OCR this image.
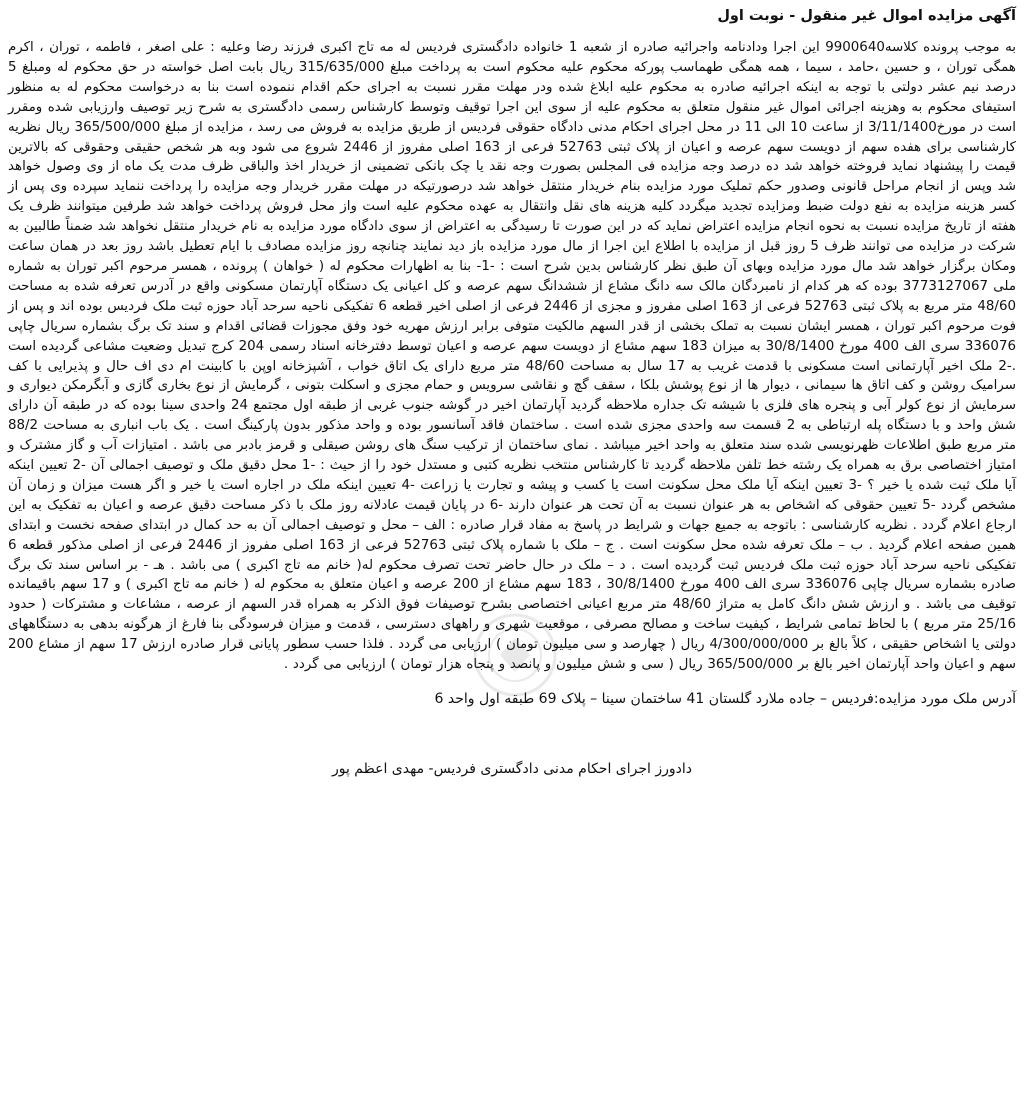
آگهی مزایده اموال غیر منقول - نوبت اول

به موجب پرونده کلاسه9900640 این اجرا ودادنامه واجرائیه صادره از شعبه 1 خانواده دادگستری فردیس له مه تاج اکبری فرزند رضا وعلیه : علی اصغر ، فاطمه ، توران ، اکرم همگی توران ، و حسین ،حامد ، سیما ، همه همگی طهماسب پورکه محکوم علیه محکوم است به پرداخت مبلغ 315/635/000 ریال بابت اصل خواسته در حق محکوم له ومبلغ 5 درصد نیم عشر دولتی با توجه به اینکه اجرائیه صادره به محکوم علیه ابلاغ شده ودر مهلت مقرر نسبت به اجرای حکم اقدام ننموده است بنا به درخواست محکوم له به منظور استیفای محکوم به وهزینه اجرائی اموال غیر منقول متعلق به محکوم علیه از سوی این اجرا توقیف وتوسط کارشناس رسمی دادگستری به شرح زیر توصیف وارزیابی شده ومقرر است در مورخ3/11/1400 از ساعت 10 الی 11 در محل اجرای احکام مدنی دادگاه حقوقی فردیس از طریق مزایده به فروش می رسد ، مزایده از مبلغ 365/500/000 ریال نظریه کارشناسی برای هفده سهم از دویست سهم عرصه و اعیان از پلاک ثبتی 52763 فرعی از 163 اصلی مفروز از 2446 شروع می شود وبه هر شخص حقیقی وحقوقی که بالاترین قیمت را پیشنهاد نماید فروخته خواهد شد ده درصد وجه مزایده فی المجلس بصورت وجه نقد یا چک بانکی تضمینی از خریدار اخذ والباقی ظرف مدت یک ماه از وی وصول خواهد شد وپس از انجام مراحل قانونی وصدور حکم تملیک مورد مزایده بنام خریدار منتقل خواهد شد درصورتیکه در مهلت مقرر خریدار وجه مزایده را پرداخت ننماید سپرده وی پس از کسر هزینه مزایده به نفع دولت ضبط ومزایده تجدید میگردد کلیه هزینه های نقل وانتقال به عهده محکوم علیه است واز محل فروش پرداخت خواهد شد طرفین میتوانند ظرف یک هفته از تاریخ مزایده نسبت به نحوه انجام مزایده اعتراض نماید که در این صورت تا رسیدگی به اعتراض از سوی دادگاه مورد مزایده به نام خریدار منتقل نخواهد شد ضمناً طالبین به شرکت در مزایده می توانند ظرف 5 روز قبل از مزایده با اطلاع این اجرا از مال مورد مزایده باز دید نمایند چنانچه روز مزایده مصادف با ایام تعطیل باشد روز بعد در همان ساعت ومکان برگزار خواهد شد مال مورد مزایده وبهای آن طبق نظر کارشناس بدین شرح است : -1- بنا به اظهارات محکوم له ( خواهان ) پرونده ، همسر مرحوم اکبر توران به شماره ملی 3773127067 بوده که هر کدام از نامبردگان مالک سه دانگ مشاع از ششدانگ سهم عرصه و کل اعیانی یک دستگاه آپارتمان مسکونی واقع در آدرس تعرفه شده به مساحت 48/60 متر مربع به پلاک ثبتی 52763 فرعی از 163 اصلی مفروز و مجزی از 2446 فرعی از اصلی اخیر قطعه 6 تفکیکی ناحیه سرحد آباد حوزه ثبت ملک فردیس بوده اند و پس از فوت مرحوم اکبر توران ، همسر ایشان نسبت به تملک بخشی از قدر السهم مالکیت متوفی برابر ارزش مهریه خود وفق مجوزات قضائی اقدام و سند تک برگ بشماره سریال چاپی 336076 سری الف 400 مورخ 30/8/1400 به میزان 183 سهم مشاع از دویست سهم عرصه و اعیان توسط دفترخانه اسناد رسمی 204 کرج تبدیل وضعیت مشاعی گردیده است .-2 ملک اخیر آپارتمانی است مسکونی با قدمت غریب به 17 سال به مساحت 48/60 متر مربع دارای یک اتاق خواب ، آشپزخانه اوپن با کابینت ام دی اف حال و پذیرایی با کف سرامیک روشن و کف اتاق ها سیمانی ، دیوار ها از نوع پوشش بلکا ، سقف گچ و نقاشی سرویس و حمام مجزی و اسکلت بتونی ، گرمایش از نوع بخاری گازی و آبگرمکن دیواری و سرمایش از نوع کولر آبی و پنجره های فلزی با شیشه تک جداره ملاحظه گردید آپارتمان اخیر در گوشه جنوب غربی از طبقه اول مجتمع 24 واحدی سینا بوده که در طبقه آن دارای شش واحد و با دستگاه پله ارتباطی به 2 قسمت سه واحدی مجزی شده است . ساختمان فاقد آسانسور بوده و واحد مذکور بدون پارکینگ است . یک باب انباری به مساحت 88/2 متر مربع طبق اطلاعات ظهرنویسی شده سند متعلق به واحد اخیر میباشد . نمای ساختمان از ترکیب سنگ های روشن صیقلی و قرمز بادبر می باشد . امتیازات آب و گاز مشترک و امتیاز اختصاصی برق به همراه یک رشته خط تلفن ملاحظه گردید تا کارشناس منتخب نظریه کتبی و مستدل خود را از حیث : -1 محل دقیق ملک و توصیف اجمالی آن -2 تعیین اینکه آیا ملک ثبت شده یا خیر ؟ -3 تعیین اینکه آیا ملک محل سکونت است یا کسب و پیشه و تجارت یا زراعت -4 تعیین اینکه ملک در اجاره است یا خیر و اگر هست میزان و زمان آن مشخص گردد -5 تعیین حقوقی که اشخاص به هر عنوان نسبت به آن تحت هر عنوان دارند -6 در پایان قیمت عادلانه روز ملک با ذکر مساحت دقیق عرصه و اعیان به تفکیک به این ارجاع اعلام گردد . نظریه کارشناسی : باتوجه به جمیع جهات و شرایط در پاسخ به مفاد قرار صادره : الف – محل و توصیف اجمالی آن به حد کمال در ابتدای صفحه نخست و ابتدای همین صفحه اعلام گردید . ب – ملک تعرفه شده محل سکونت است . ج – ملک با شماره پلاک ثبتی 52763 فرعی از 163 اصلی مفروز از 2446 فرعی از اصلی مذکور قطعه 6 تفکیکی ناحیه سرحد آباد حوزه ثبت ملک فردیس ثبت گردیده است . د – ملک در حال حاضر تحت تصرف محکوم له( خانم مه تاج اکبری ) می باشد . هـ - بر اساس سند تک برگ صادره بشماره سریال چاپی 336076 سری الف 400 مورخ 30/8/1400 ، 183 سهم مشاع از 200 عرصه و اعیان متعلق به محکوم له ( خانم مه تاج اکبری ) و 17 سهم باقیمانده توقیف می باشد . و ارزش شش دانگ کامل به متراژ 48/60 متر مربع اعیانی اختصاصی بشرح توصیفات فوق الذکر به همراه قدر السهم از عرصه ، مشاعات و مشترکات ( حدود 25/16 متر مربع ) با لحاظ تمامی شرایط ، کیفیت ساخت و مصالح مصرفی ، موقعیت شهری و راههای دسترسی ، قدمت و میزان فرسودگی بنا فارغ از هرگونه بدهی به دستگاههای دولتی یا اشخاص حقیقی ، کلاً بالغ بر 4/300/000/000 ریال ( چهارصد و سی میلیون تومان ) ارزیابی می گردد . فلذا حسب سطور پایانی قرار صادره ارزش 17 سهم از مشاع 200 سهم و اعیان واحد آپارتمان اخیر بالغ بر 365/500/000 ریال ( سی و شش میلیون و پانصد و پنجاه هزار تومان ) ارزیابی می گردد .

آدرس ملک مورد مزایده:فردیس – جاده ملارد گلستان 41 ساختمان سینا – پلاک 69 طبقه اول واحد 6

دادورز اجرای احکام مدنی دادگستری فردیس- مهدی اعظم پور
